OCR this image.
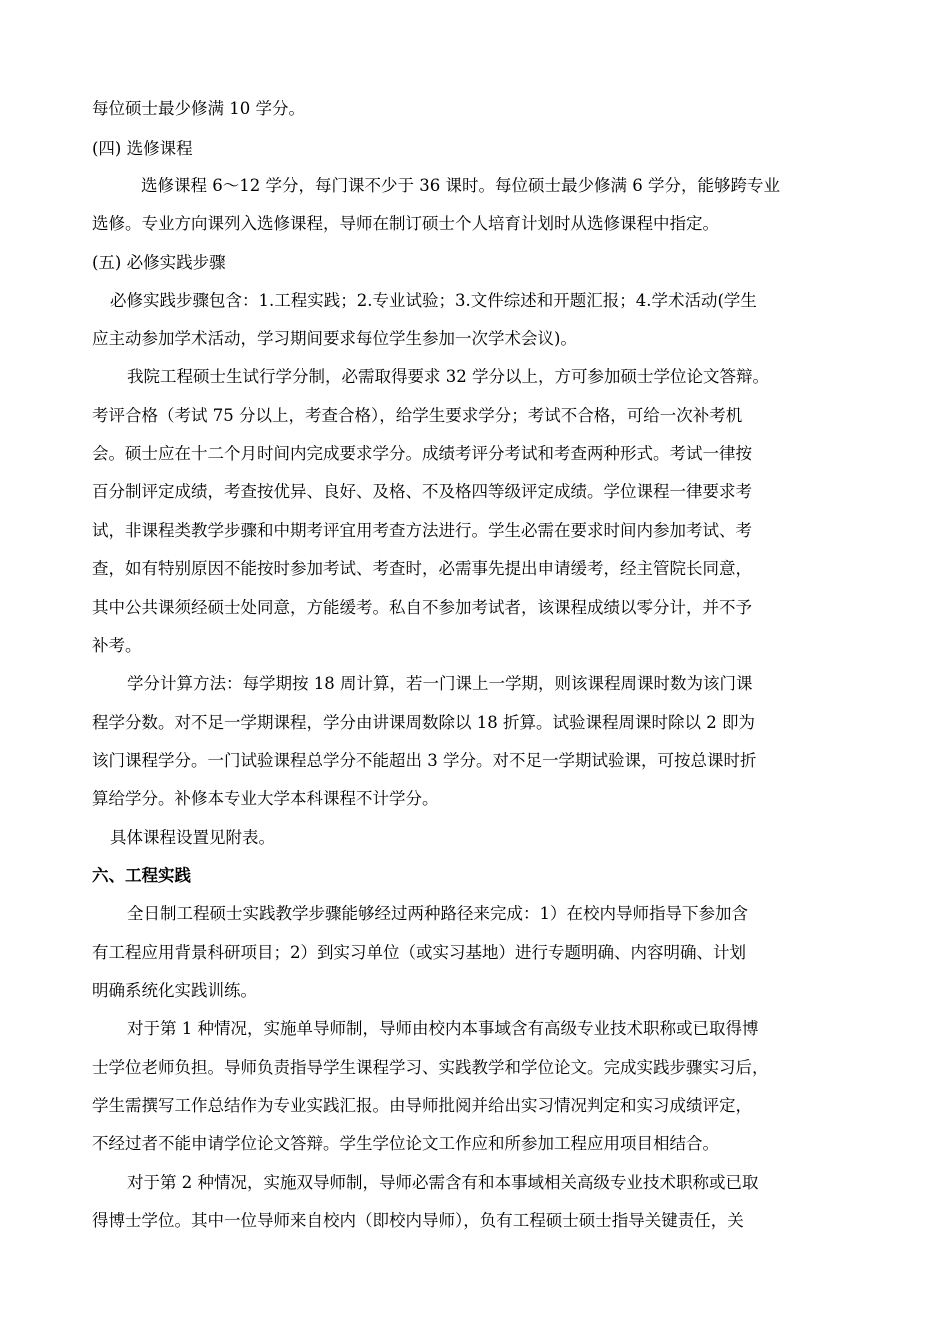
每位硕士最少修满 10 学分。
(四) 选修课程
选修课程 6～12 学分，每门课不少于 36 课时。每位硕士最少修满 6 学分，能够跨专业
选修。专业方向课列入选修课程，导师在制订硕士个人培育计划时从选修课程中指定。
(五) 必修实践步骤
必修实践步骤包含：1.工程实践；2.专业试验；3.文件综述和开题汇报；4.学术活动(学生
应主动参加学术活动，学习期间要求每位学生参加一次学术会议)。
我院工程硕士生试行学分制，必需取得要求 32 学分以上，方可参加硕士学位论文答辩。
考评合格（考试 75 分以上，考查合格），给学生要求学分；考试不合格，可给一次补考机
会。硕士应在十二个月时间内完成要求学分。成绩考评分考试和考查两种形式。考试一律按
百分制评定成绩，考查按优异、良好、及格、不及格四等级评定成绩。学位课程一律要求考
试，非课程类教学步骤和中期考评宜用考查方法进行。学生必需在要求时间内参加考试、考
查，如有特别原因不能按时参加考试、考查时，必需事先提出申请缓考，经主管院长同意，
其中公共课须经硕士处同意，方能缓考。私自不参加考试者，该课程成绩以零分计，并不予
补考。
学分计算方法：每学期按 18 周计算，若一门课上一学期，则该课程周课时数为该门课
程学分数。对不足一学期课程，学分由讲课周数除以 18 折算。试验课程周课时除以 2 即为
该门课程学分。一门试验课程总学分不能超出 3 学分。对不足一学期试验课，可按总课时折
算给学分。补修本专业大学本科课程不计学分。
具体课程设置见附表。
六、工程实践
全日制工程硕士实践教学步骤能够经过两种路径来完成：1）在校内导师指导下参加含
有工程应用背景科研项目；2）到实习单位（或实习基地）进行专题明确、内容明确、计划
明确系统化实践训练。
对于第 1 种情况，实施单导师制，导师由校内本事域含有高级专业技术职称或已取得博
士学位老师负担。导师负责指导学生课程学习、实践教学和学位论文。完成实践步骤实习后，
学生需撰写工作总结作为专业实践汇报。由导师批阅并给出实习情况判定和实习成绩评定，
不经过者不能申请学位论文答辩。学生学位论文工作应和所参加工程应用项目相结合。
对于第 2 种情况，实施双导师制，导师必需含有和本事域相关高级专业技术职称或已取
得博士学位。其中一位导师来自校内（即校内导师），负有工程硕士硕士指导关键责任，关
